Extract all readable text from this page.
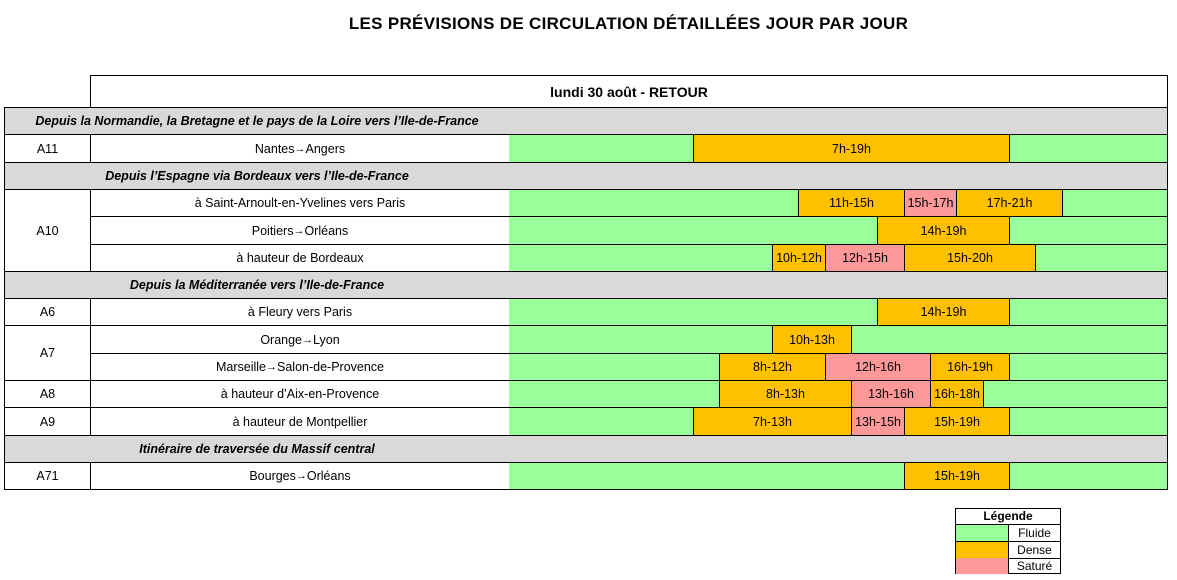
LES PRÉVISIONS DE CIRCULATION DÉTAILLÉES JOUR PAR JOUR
lundi 30 août - RETOUR
Depuis la Normandie, la Bretagne et le pays de la Loire vers l’Ile-de-France
A11	Nantes → Angers	7h-19h
Depuis l’Espagne via Bordeaux vers l’Ile-de-France
A10
à Saint-Arnoult-en-Yvelines vers Paris	11h-15h	15h-17h	17h-21h
Poitiers → Orléans	14h-19h
à hauteur de Bordeaux	10h-12h	12h-15h	15h-20h
Depuis la Méditerranée vers l’Ile-de-France
A6	à Fleury vers Paris	14h-19h
A7
Orange → Lyon	10h-13h
Marseille → Salon-de-Provence	8h-12h	12h-16h	16h-19h
A8	à hauteur d’Aix-en-Provence	8h-13h	13h-16h	16h-18h
A9	à hauteur de Montpellier	7h-13h	13h-15h	15h-19h
Itinéraire de traversée du Massif central
A71	Bourges → Orléans	15h-19h
Légende
Fluide
Dense
Saturé
